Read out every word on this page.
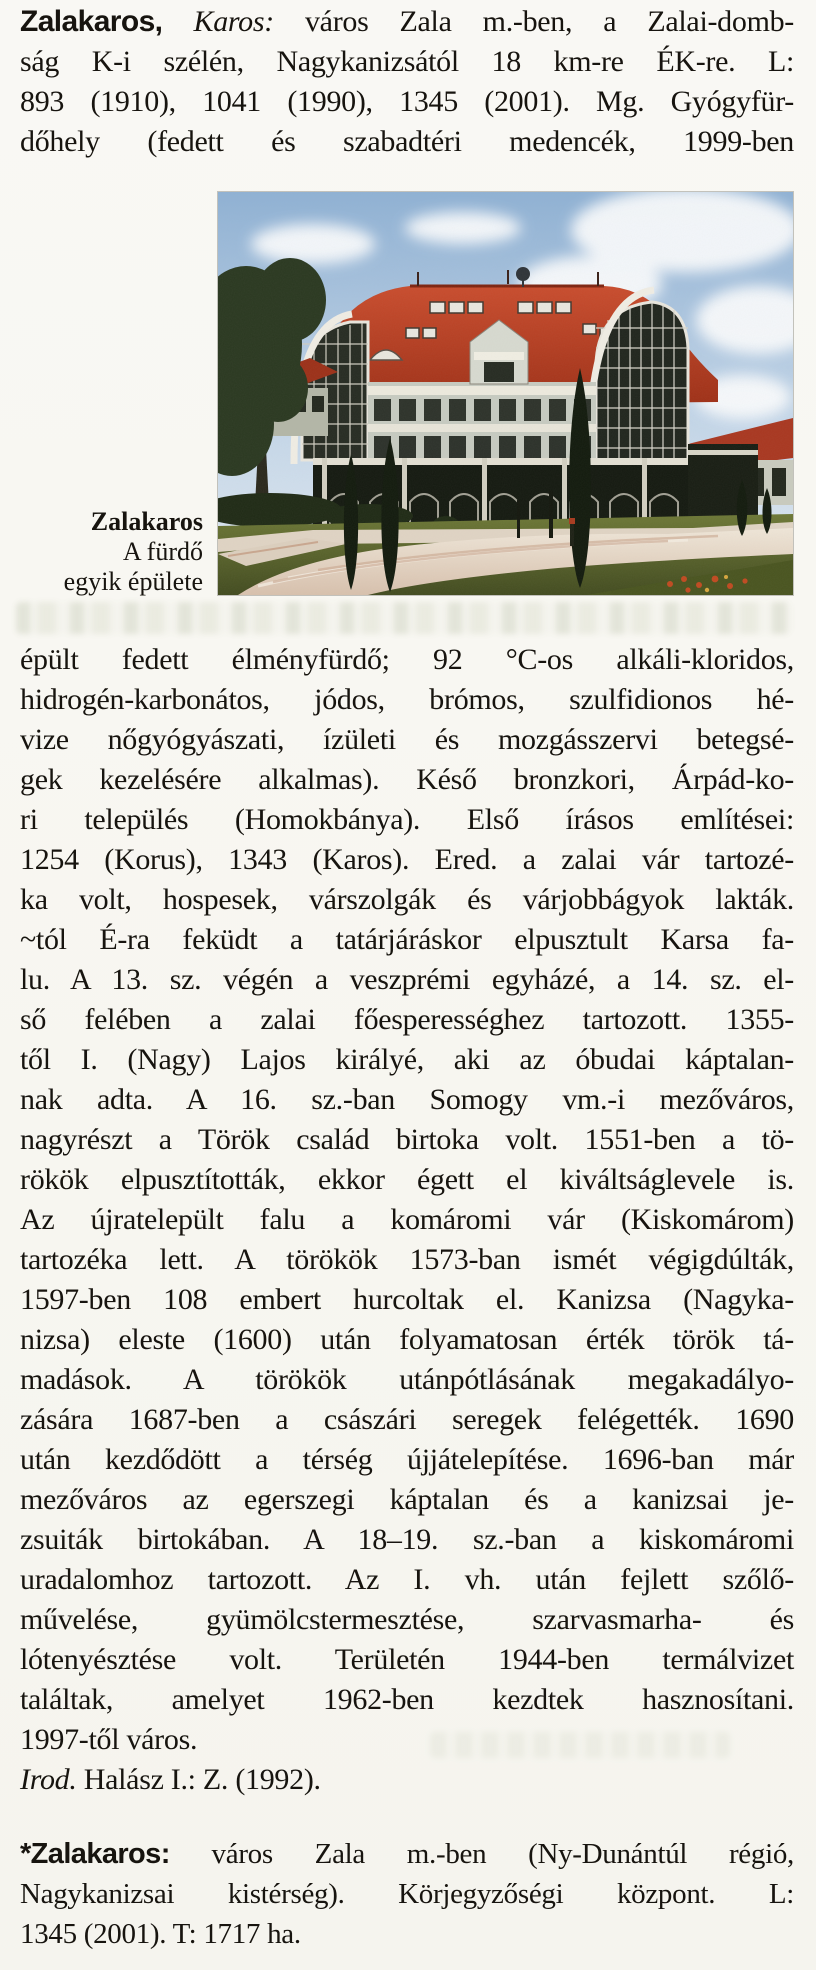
Zalakaros, Karos: város Zala m.-ben, a Zalai-domb-
ság K-i szélén, Nagykanizsától 18 km-re ÉK-re. L:
893 (1910), 1041 (1990), 1345 (2001). Mg. Gyógyfür-
dőhely (fedett és szabadtéri medencék, 1999-ben
Zalakaros
A fürdő
egyik épülete
épült fedett élményfürdő; 92 °C-os alkáli-kloridos,
hidrogén-karbonátos, jódos, brómos, szulfidionos hé-
vize nőgyógyászati, ízületi és mozgásszervi betegsé-
gek kezelésére alkalmas). Késő bronzkori, Árpád-ko-
ri település (Homokbánya). Első írásos említései:
1254 (Korus), 1343 (Karos). Ered. a zalai vár tartozé-
ka volt, hospesek, várszolgák és várjobbágyok lakták.
~tól É-ra feküdt a tatárjáráskor elpusztult Karsa fa-
lu. A 13. sz. végén a veszprémi egyházé, a 14. sz. el-
ső felében a zalai főesperességhez tartozott. 1355-
től I. (Nagy) Lajos királyé, aki az óbudai káptalan-
nak adta. A 16. sz.-ban Somogy vm.-i mezőváros,
nagyrészt a Török család birtoka volt. 1551-ben a tö-
rökök elpusztították, ekkor égett el kiváltságlevele is.
Az újratelepült falu a komáromi vár (Kiskomárom)
tartozéka lett. A törökök 1573-ban ismét végigdúlták,
1597-ben 108 embert hurcoltak el. Kanizsa (Nagyka-
nizsa) eleste (1600) után folyamatosan érték török tá-
madások. A törökök utánpótlásának megakadályo-
zására 1687-ben a császári seregek felégették. 1690
után kezdődött a térség újjátelepítése. 1696-ban már
mezőváros az egerszegi káptalan és a kanizsai je-
zsuiták birtokában. A 18–19. sz.-ban a kiskomáromi
uradalomhoz tartozott. Az I. vh. után fejlett szőlő-
művelése, gyümölcstermesztése, szarvasmarha- és
lótenyésztése volt. Területén 1944-ben termálvizet
találtak, amelyet 1962-ben kezdtek hasznosítani.
1997-től város.
Irod. Halász I.: Z. (1992).
*Zalakaros: város Zala m.-ben (Ny-Dunántúl régió,
Nagykanizsai kistérség). Körjegyzőségi központ. L:
1345 (2001). T: 1717 ha.
